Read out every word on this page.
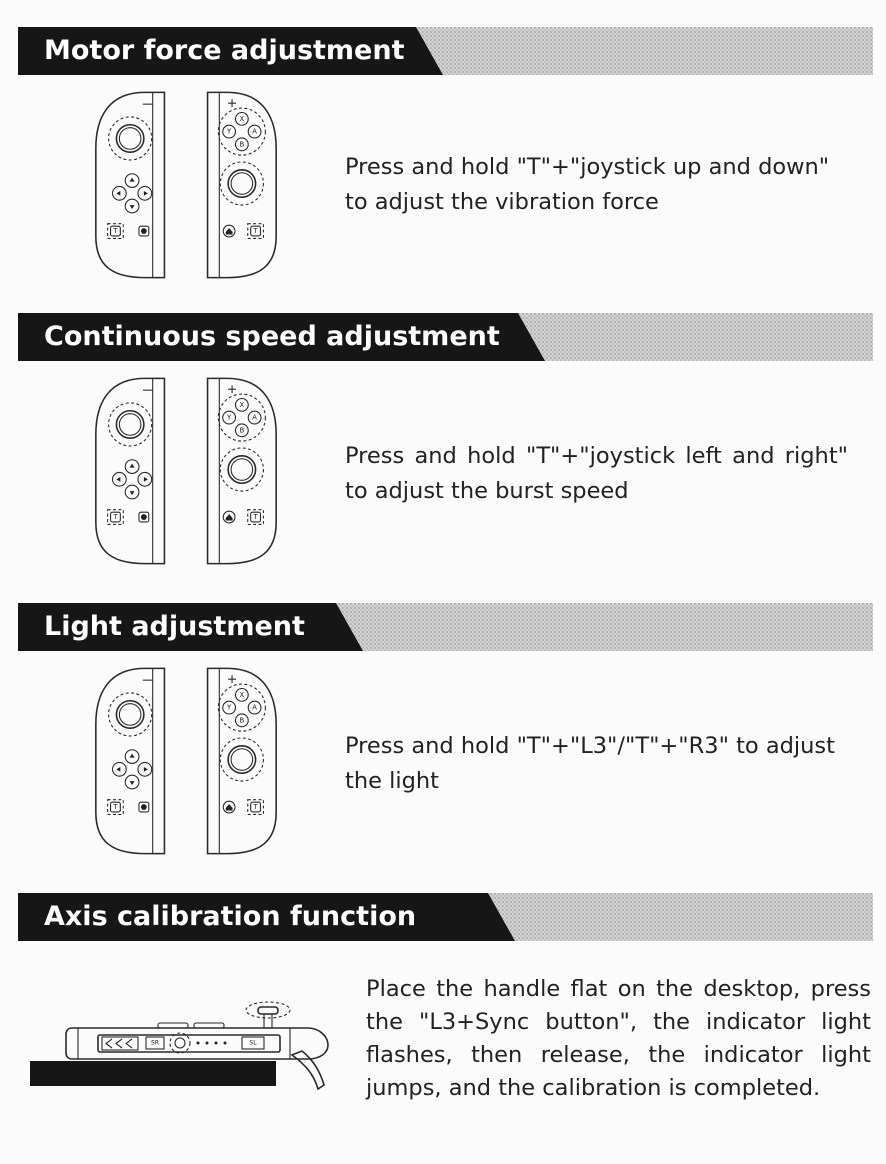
Motor force adjustment
Press and hold "T"+"joystick up and down" to adjust the vibration force
Continuous speed adjustment
Press and hold "T"+"joystick left and right" to adjust the burst speed
Light adjustment
Press and hold "T"+"L3"/"T"+"R3" to adjust the light
Axis calibration function
SR	SL
Place the handle flat on the desktop, press the "L3+Sync button", the indicator light flashes, then release, the indicator light jumps, and the calibration is completed.
